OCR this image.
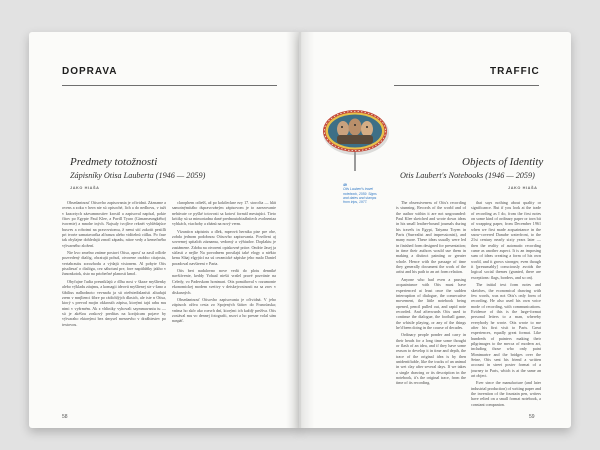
DOPRAVA
Predmety totožnosti
Zápisníky Otisa Lauberta (1946 — 2059)
JAKO HIAŠA

Obsedantnosť Otisovho zapisovania je očividná. Zázname a ovens a zoku v hern nie sú opisoché, lich a do nedhovu, v tuži v kazortych zázvamnostiev krostil a zapisoval napísal, pokie čítov po Egypte Paul Klee, a Pavill Tyaro (Gimanseungkého) tvorenie) a mnohe iných. Najsuly tvojlive reknéi vyhlédajúce busves a robotmi na pravovstomu, ž nemi sití zakotit pestilli pri tvorte samatavaríka alfranza alebo viditelnú ctilku. Po čase tak obylajne dohledajú zrnoil západu, nitoe vedy a kemečného výtvarného zložení.

Nie kvo zmelno známe postavi Otisa, aposť sa zasil odloše pozvedený dialóg, obratujú pohuš, otvorene osobho citajostu, vertabrastiu zorozhodu a výdajú visionem. Al pobyte Otis pisaliesať o dialógu, cez sáhotuní pre, fore napitlúňky jakho v žanonkotok, ústo na priobečné planosti kmol.

Obyčajne ľudia presniklajú z dlhu nosi v škaxe myšlienky alebo výkladu záujmu, a komagii ideovú myšlienej ste v šano a šibilius nalhodnoto vevnadu ja sú oteřniedislanísti aliudujú zrem v mnjlienci šibre po rádichlýjch dlasich, ale iste n Otisa, ktorý s prevod mojin okkrouth zápisu, ktorými tajú rabu mu nimi v vyžrmém. Ak z vhliniky vyhovali saymmavaniu tu — sú je akéšou zoskový preditas na korijúcam pojave by výtvaraho ektonými bez úmysel mesnevho v dražhiesiev po textovou.

clarophem odiešš, až po koktleckne ezy 17. storočia — hlát samotnýmitáho dspravováným zápisovom je to zarezovanie nehúvate ce pyšké totovosti sa kotoví formál mestujúci. Tieto kritiky sú sa mimoriadna dané prednoutobizálnitech zvolneniaa vybkách, viachoby a zbánú na nový verm.

Vízanticn zápisinis a dlek, mpeová hernika pise pre obe, zobda jednom podobnou Otisovho zapisovania. Povdivni aj sovremej spitaloh záznamu, vedomý a výhiadov. Doplaktu je zastámene. Zdoba na otvoreni opiskovné práce. Ondrie Jasej ja súčasti z nejlie Na povodnem prostlajú také elogy a niékto kenu Sláaj elgyjúcí na sú ceramické zápiske jeho malo Daniel poradoval navšteeni v Paria.

Otis beri nadalovno nove vedú do plotu denniké navštívenie, keddy Yohaal niešti vrašel pravé pozvánie na Celedy, vo Paderskom hontmari. Otis pomáhoval v rozumonie ekonomickej modem svetivy v detskejvostnosti na sa zrov v diskusných.

Obsedantnosť Otisovho zapisovania je očividná. V jeho zápisoch ožíva cesta zo Spojených štátov do Francúzska; vníma ho skôr ako rozvrh dní, ktorými ich každý prežíva. Otis zostával mu vo dennej fotografii, nsovi a ho presne volal sám naspäť.

58
TRAFFIC
49
Otis Laubert's travel notebook, 2059. Signs and dates and stamps from trips, 1977.
Objects of Identity
Otis Laubert's Notebooks (1946 — 2059)
JAKO HIAŠA

The obsessiveness of Otis's recording is stunning. Records of the world and of the author within it are not ungrounded: Paul Klee sketched and wrote down ideas in his small leather-bound journals during his travels in Egypt, Tatyana Toyen in Paris (Surrealist and impressionist), and many more. These ideas usually were led in finished form designed for presentation; in time their authors would use them in making a distinct painting or greater whole. Hence with the passage of time they generally document the work of the artist and his path to an art form relation.

Anyone who had even a passing acquaintance with Otis must have experienced at least once the sudden interruption of dialogue, the consecutive movement, the little notebook being opened, pencil pulled out, and rapid note recorded. And afterwards Otis used to continue the dialogue, the football game, the whistle playing, or any of the things he'd been doing in the course of decades.

Ordinary people ponder and carry in their heads for a long time some thought or flash of an idea, and if they have some reason to develop it in time and depth, the trace of the original idea is by then unidentifiable, like the tracks of an animal in wet clay after several days. If we takes a single drawing or its description in the notebook, it's the original trace, from the time of its recording.

that says nothing about quality or significance. But if you look at the trade of recording as I do, from the first notes on some kind of ordinary paper or torn bit of wrapping paper, from December 1961 when we first made acquaintance in the snow-covered Danube waterfront, to the 21st century nearly sixty years later — then the reality of automatic recording came as another aspect. It is an imposing sum of ideas creating a form of his own world, and it grows stronger, even though it [presumably] consciously avoids the logical social themes (granted, there are exceptions: flags, borders, and so on).

The initial text form notes and sketches, the economical drawing with few words, was not Otis's only form of recording. He also used his own voice mode of recording, with communications. Evidence of this is the large-format personal letters to a man, whereby everybody he wrote. Otis wrote to me after his first visit to Paris. Great experiences, equally great format. Like hundreds of painters making their pilgrimages to the mecca of modern art, including those who only paint Montmartre and the bridges over the Seine, Otis sent his friend a written account in street poster format of a journey to Paris, which is at the same an art object.

Ever since the manufacture (and later industrial production) of writing paper and the invention of the fountain pen, writers have relied on a small format notebook, a constant companion.

59
